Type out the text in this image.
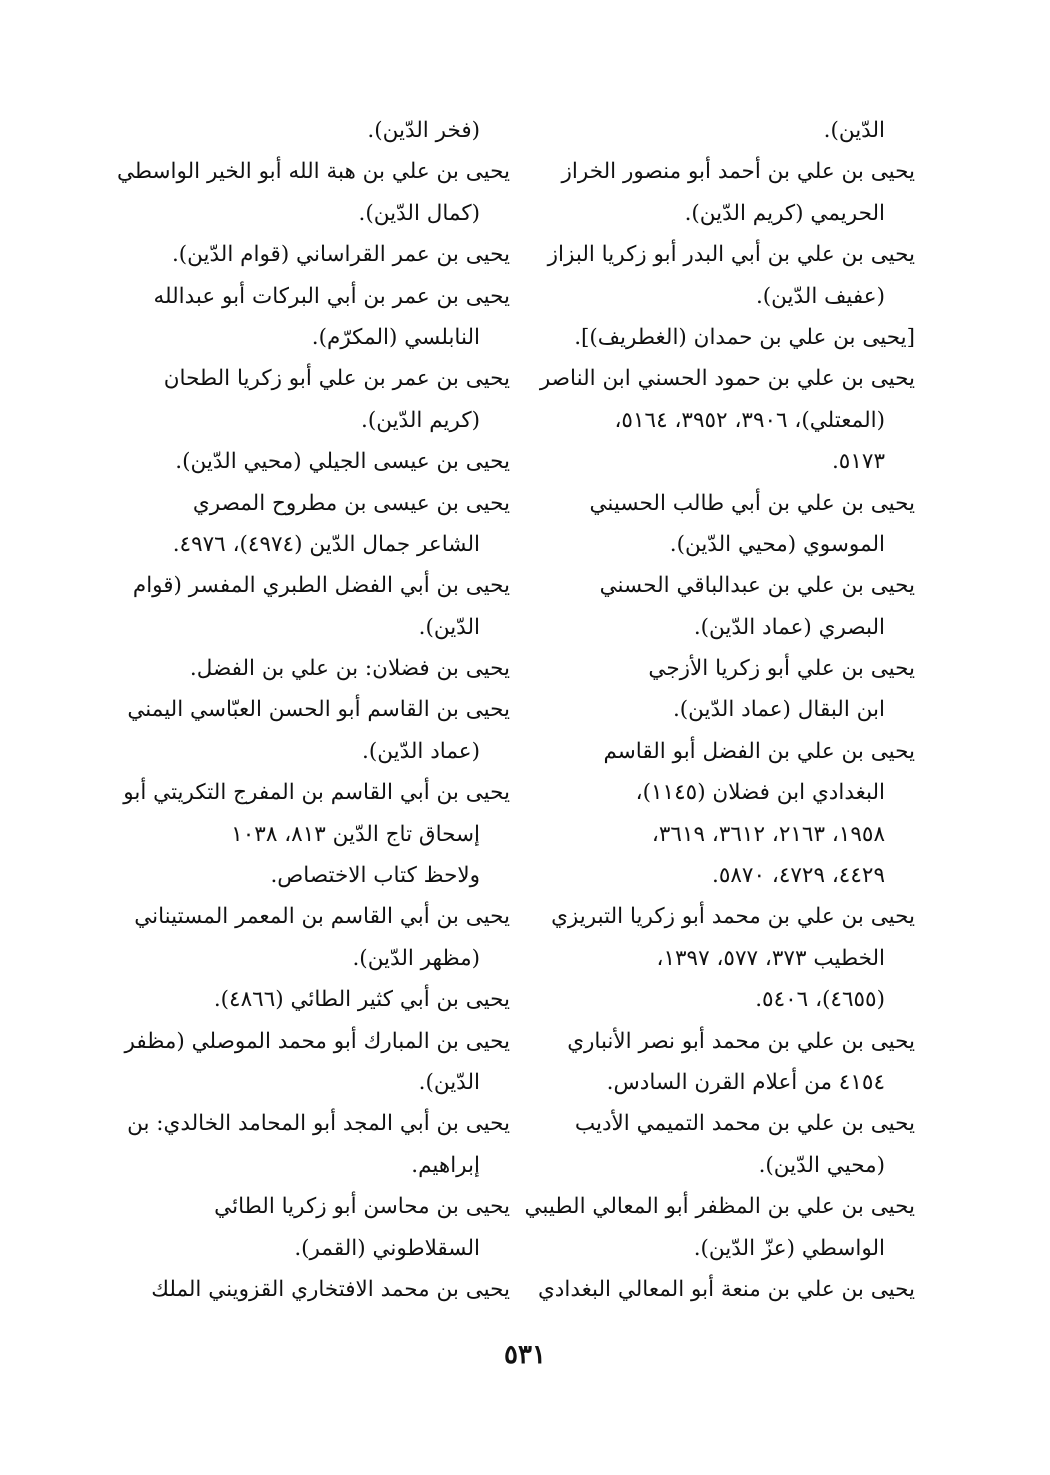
الدّين).
يحيى بن علي بن أحمد أبو منصور الخراز
الحريمي (كريم الدّين).
يحيى بن علي بن أبي البدر أبو زكريا البزاز
(عفيف الدّين).
[يحيى بن علي بن حمدان (الغطريف)].
يحيى بن علي بن حمود الحسني ابن الناصر
(المعتلي)، ٣٩٠٦، ٣٩٥٢، ٥١٦٤،
٥١٧٣.
يحيى بن علي بن أبي طالب الحسيني
الموسوي (محيي الدّين).
يحيى بن علي بن عبدالباقي الحسني
البصري (عماد الدّين).
يحيى بن علي أبو زكريا الأزجي
ابن البقال (عماد الدّين).
يحيى بن علي بن الفضل أبو القاسم
البغدادي ابن فضلان (١١٤٥)،
١٩٥٨، ٢١٦٣، ٣٦١٢، ٣٦١٩،
٤٤٢٩، ٤٧٢٩، ٥٨٧٠.
يحيى بن علي بن محمد أبو زكريا التبريزي
الخطيب ٣٧٣، ٥٧٧، ١٣٩٧،
(٤٦٥٥)، ٥٤٠٦.
يحيى بن علي بن محمد أبو نصر الأنباري
٤١٥٤ من أعلام القرن السادس.
يحيى بن علي بن محمد التميمي الأديب
(محيي الدّين).
يحيى بن علي بن المظفر أبو المعالي الطيبي
الواسطي (عزّ الدّين).
يحيى بن علي بن منعة أبو المعالي البغدادي
(فخر الدّين).
يحيى بن علي بن هبة الله أبو الخير الواسطي
(كمال الدّين).
يحيى بن عمر القراساني (قوام الدّين).
يحيى بن عمر بن أبي البركات أبو عبدالله
النابلسي (المكرّم).
يحيى بن عمر بن علي أبو زكريا الطحان
(كريم الدّين).
يحيى بن عيسى الجيلي (محيي الدّين).
يحيى بن عيسى بن مطروح المصري
الشاعر جمال الدّين (٤٩٧٤)، ٤٩٧٦.
يحيى بن أبي الفضل الطبري المفسر (قوام
الدّين).
يحيى بن فضلان: بن علي بن الفضل.
يحيى بن القاسم أبو الحسن العبّاسي اليمني
(عماد الدّين).
يحيى بن أبي القاسم بن المفرج التكريتي أبو
إسحاق تاج الدّين ٨١٣، ١٠٣٨
ولاحظ كتاب الاختصاص.
يحيى بن أبي القاسم بن المعمر المستيناني
(مظهر الدّين).
يحيى بن أبي كثير الطائي (٤٨٦٦).
يحيى بن المبارك أبو محمد الموصلي (مظفر
الدّين).
يحيى بن أبي المجد أبو المحامد الخالدي: بن
إبراهيم.
يحيى بن محاسن أبو زكريا الطائي
السقلاطوني (القمر).
يحيى بن محمد الافتخاري القزويني الملك
٥٣١
